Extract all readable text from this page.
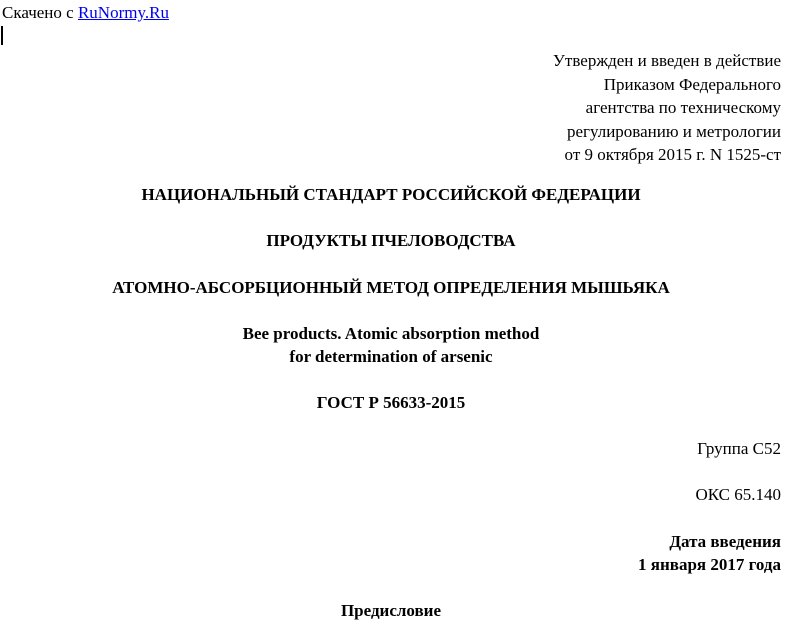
Скачено с RuNormy.Ru
Утвержден и введен в действие
Приказом Федерального
агентства по техническому
регулированию и метрологии
от 9 октября 2015 г. N 1525-ст
НАЦИОНАЛЬНЫЙ СТАНДАРТ РОССИЙСКОЙ ФЕДЕРАЦИИ
ПРОДУКТЫ ПЧЕЛОВОДСТВА
АТОМНО-АБСОРБЦИОННЫЙ МЕТОД ОПРЕДЕЛЕНИЯ МЫШЬЯКА
Bee products. Atomic absorption method
for determination of arsenic
ГОСТ Р 56633-2015
Группа С52
ОКС 65.140
Дата введения
1 января 2017 года
Предисловие
